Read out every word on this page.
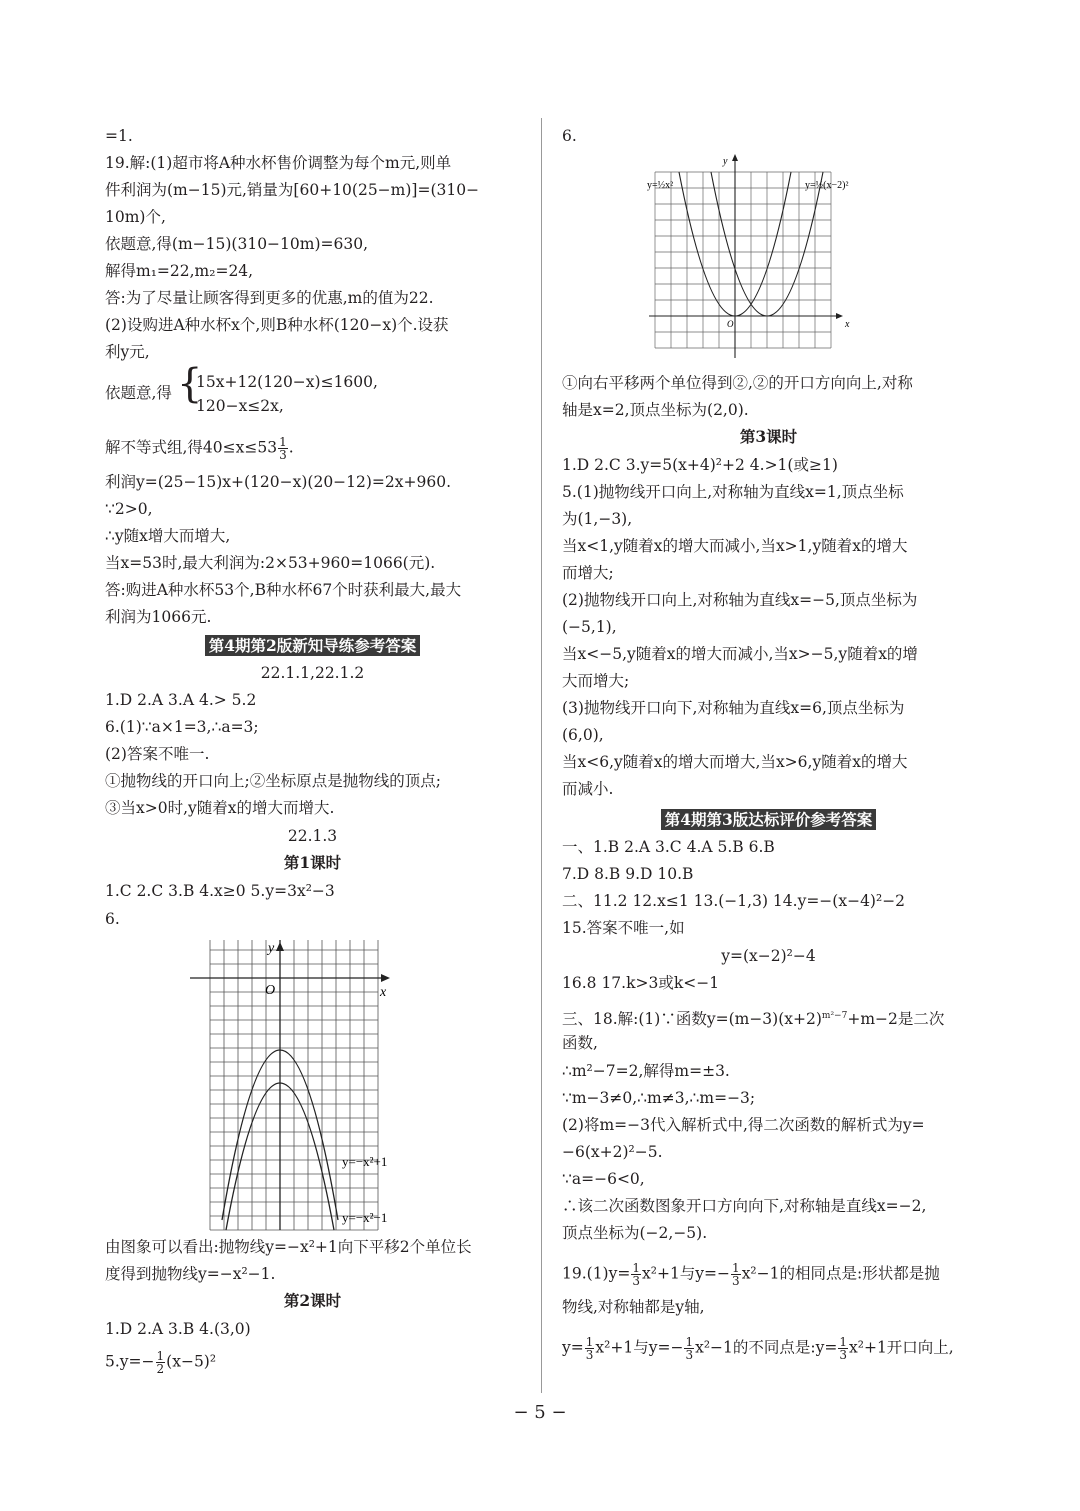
=1.
19.解:(1)超市将A种水杯售价调整为每个m元,则单
件利润为(m−15)元,销量为[60+10(25−m)]=(310−
10m)个,
依题意,得(m−15)(310−10m)=630,
解得m₁=22,m₂=24,
答:为了尽量让顾客得到更多的优惠,m的值为22.
(2)设购进A种水杯x个,则B种水杯(120−x)个.设获
利y元,
依题意,得 {
15x+12(120−x)≤1600,
120−x≤2x,
解不等式组,得$40\le x\le 53 \frac{1}{3}$ .
利润y=(25−15)x+(120−x)(20−12)=2x+960.
∵2>0,
∴y随x增大而增大,
当x=53时,最大利润为:2×53+960=1066(元).
答:购进A种水杯53个,B种水杯67个时获利最大,最大
利润为1066元.
第4期第2版新知导练参考答案
22.1.1,22.1.2
1.D 2.A 3.A 4.> 5.2
6.(1)∵a×1=3,∴a=3;
(2)答案不唯一.
①抛物线的开口向上;②坐标原点是抛物线的顶点;
③当x>0时,y随着x的增大而增大.
22.1.3
第1课时
1.C 2.C 3.B 4.x≥0 5.y=3x²−3
6.
y
x
O
y=−x²+1
y=−x²−1
由图象可以看出:抛物线y=−x²+1向下平移2个单位长
度得到抛物线y=−x²−1.
第2课时
1.D 2.A 3.B 4.(3,0)
$5.y=- \frac{1}{2} (x-5)^2$
6.
y
x
O
y=½x²	y=½(x−2)²
①向右平移两个单位得到②,②的开口方向向上,对称
轴是x=2,顶点坐标为(2,0).
第3课时
1.D 2.C 3.y=5(x+4)²+2 4.>1(或≥1)
5.(1)抛物线开口向上,对称轴为直线x=1,顶点坐标
为(1,−3),
当x<1,y随着x的增大而减小,当x>1,y随着x的增大
而增大;
(2)抛物线开口向上,对称轴为直线x=−5,顶点坐标为
(−5,1),
当x<−5,y随着x的增大而减小,当x>−5,y随着x的增
大而增大;
(3)抛物线开口向下,对称轴为直线x=6,顶点坐标为
(6,0),
当x<6,y随着x的增大而增大,当x>6,y随着x的增大
而减小.
第4期第3版达标评价参考答案
一、1.B 2.A 3.C 4.A 5.B 6.B
7.D 8.B 9.D 10.B
二、11.2 12.x≤1 13.(−1,3) 14.y=−(x−4)²−2
15.答案不唯一,如
y=(x−2)²−4
16.8 17.k>3或k<−1
三、18.解:(1)∵函数$y=(m-3)(x+2)^{m^2-7}+m-2$是二次
函数,
∴m²−7=2,解得m=±3.
∵m−3≠0,∴m≠3,∴m=−3;
(2)将m=−3代入解析式中,得二次函数的解析式为y=
−6(x+2)²−5.
∵a=−6<0,
∴该二次函数图象开口方向向下,对称轴是直线x=−2,
顶点坐标为(−2,−5).
$19.(1)y= \frac{1}{3} x^2+1$与$y=- \frac{1}{3} x^2-1$的相同点是:形状都是抛
物线,对称轴都是y轴,
$y= \frac{1}{3} x^2+1$与$y=- \frac{1}{3} x^2-1$的不同点是:y= $\frac{1}{3} x^2+1$开口向上,
− 5 −
